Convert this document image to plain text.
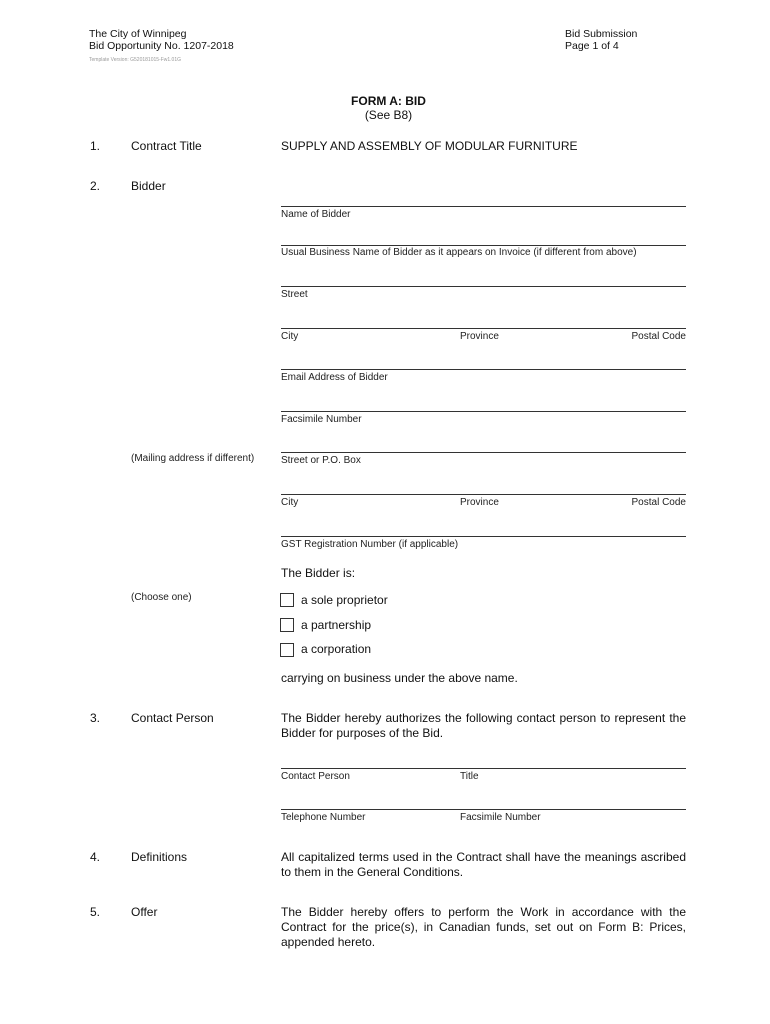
The City of Winnipeg
Bid Opportunity No. 1207-2018
Template Version: G520181015-Fw1.01G
Bid Submission
Page 1 of 4
FORM A: BID
(See B8)
1.	Contract Title	SUPPLY AND ASSEMBLY OF MODULAR FURNITURE
2.	Bidder
Name of Bidder
Usual Business Name of Bidder as it appears on Invoice (if different from above)
Street
City	Province	Postal Code
Email Address of Bidder
Facsimile Number
(Mailing address if different)	Street or P.O. Box
City	Province	Postal Code
GST Registration Number (if applicable)
The Bidder is:
(Choose one)	a sole proprietor
a partnership
a corporation
carrying on business under the above name.
3.	Contact Person	The Bidder hereby authorizes the following contact person to represent the Bidder for purposes of the Bid.
Contact Person	Title
Telephone Number	Facsimile Number
4.	Definitions	All capitalized terms used in the Contract shall have the meanings ascribed to them in the General Conditions.
5.	Offer	The Bidder hereby offers to perform the Work in accordance with the Contract for the price(s), in Canadian funds, set out on Form B: Prices, appended hereto.
